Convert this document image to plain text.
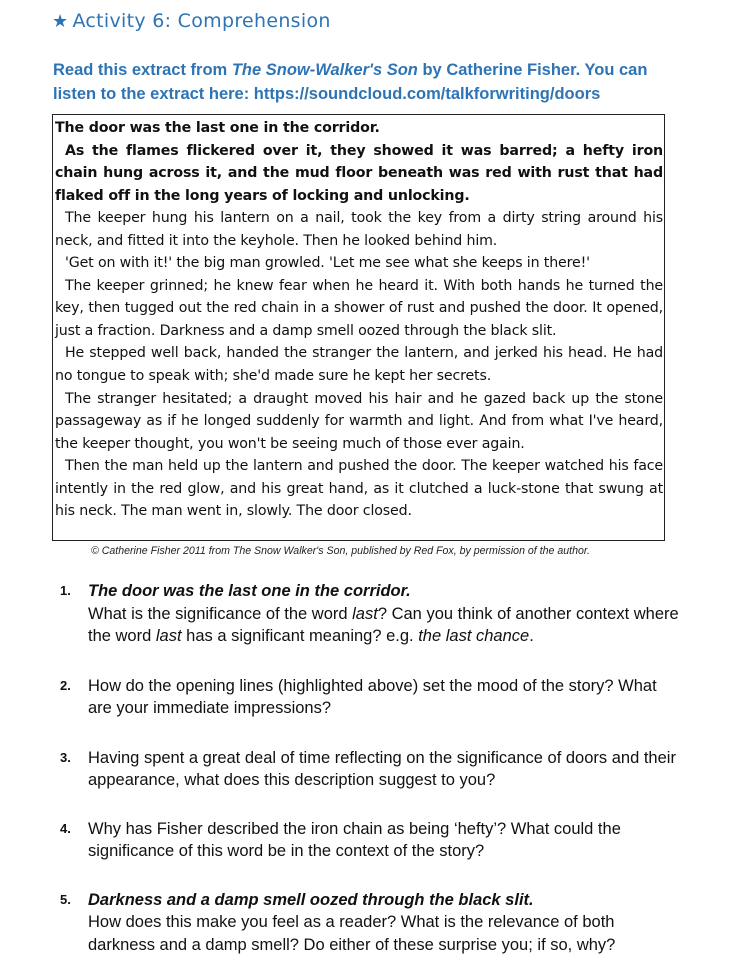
★ Activity 6: Comprehension
Read this extract from The Snow-Walker's Son by Catherine Fisher. You can listen to the extract here: https://soundcloud.com/talkforwriting/doors

The door was the last one in the corridor.

As the flames flickered over it, they showed it was barred; a hefty iron chain hung across it, and the mud floor beneath was red with rust that had flaked off in the long years of locking and unlocking.

The keeper hung his lantern on a nail, took the key from a dirty string around his neck, and fitted it into the keyhole. Then he looked behind him.

'Get on with it!' the big man growled. 'Let me see what she keeps in there!'

The keeper grinned; he knew fear when he heard it. With both hands he turned the key, then tugged out the red chain in a shower of rust and pushed the door. It opened, just a fraction. Darkness and a damp smell oozed through the black slit.

He stepped well back, handed the stranger the lantern, and jerked his head. He had no tongue to speak with; she'd made sure he kept her secrets.

The stranger hesitated; a draught moved his hair and he gazed back up the stone passageway as if he longed suddenly for warmth and light. And from what I've heard, the keeper thought, you won't be seeing much of those ever again.

Then the man held up the lantern and pushed the door. The keeper watched his face intently in the red glow, and his great hand, as it clutched a luck-stone that swung at his neck. The man went in, slowly. The door closed.

© Catherine Fisher 2011 from The Snow Walker's Son, published by Red Fox, by permission of the author.
1. The door was the last one in the corridor.
What is the significance of the word last? Can you think of another context where the word last has a significant meaning? e.g. the last chance.
2. How do the opening lines (highlighted above) set the mood of the story? What are your immediate impressions?
3. Having spent a great deal of time reflecting on the significance of doors and their appearance, what does this description suggest to you?
4. Why has Fisher described the iron chain as being ‘hefty’? What could the significance of this word be in the context of the story?
5. Darkness and a damp smell oozed through the black slit.
How does this make you feel as a reader? What is the relevance of both darkness and a damp smell? Do either of these surprise you; if so, why?
